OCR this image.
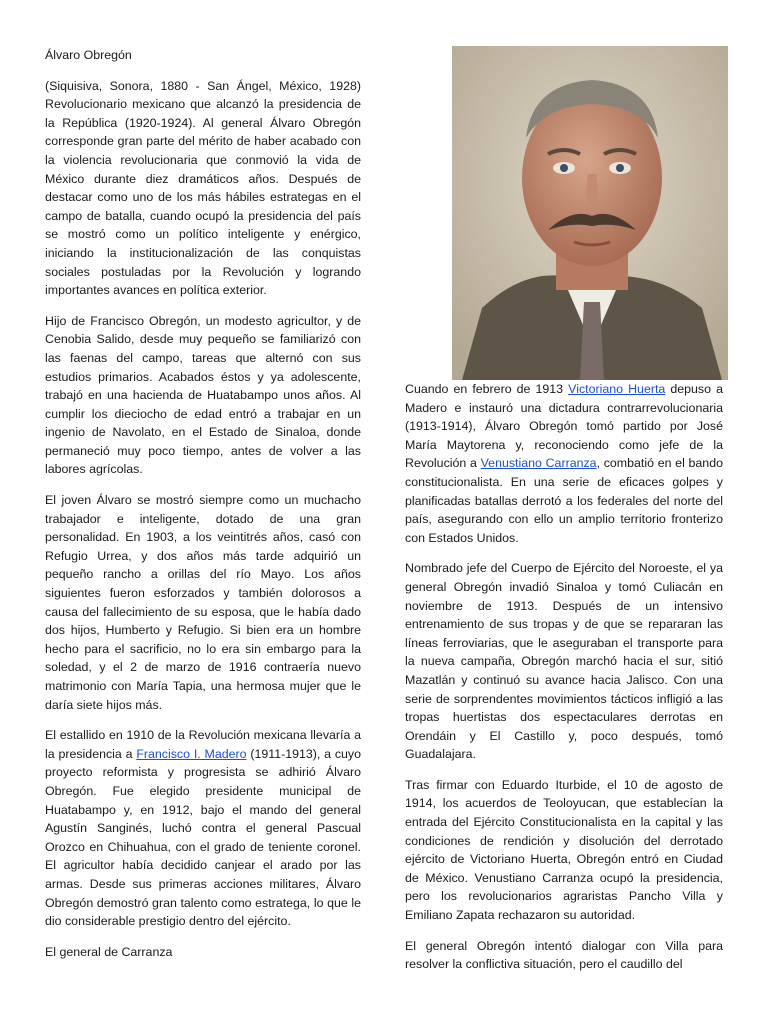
Álvaro Obregón

(Siquisiva, Sonora, 1880 - San Ángel, México, 1928) Revolucionario mexicano que alcanzó la presidencia de la República (1920-1924). Al general Álvaro Obregón corresponde gran parte del mérito de haber acabado con la violencia revolucionaria que conmovió la vida de México durante diez dramáticos años. Después de destacar como uno de los más hábiles estrategas en el campo de batalla, cuando ocupó la presidencia del país se mostró como un político inteligente y enérgico, iniciando la institucionalización de las conquistas sociales postuladas por la Revolución y logrando importantes avances en política exterior.

Hijo de Francisco Obregón, un modesto agricultor, y de Cenobia Salido, desde muy pequeño se familiarizó con las faenas del campo, tareas que alternó con sus estudios primarios. Acabados éstos y ya adolescente, trabajó en una hacienda de Huatabampo unos años. Al cumplir los dieciocho de edad entró a trabajar en un ingenio de Navolato, en el Estado de Sinaloa, donde permaneció muy poco tiempo, antes de volver a las labores agrícolas.

El joven Álvaro se mostró siempre como un muchacho trabajador e inteligente, dotado de una gran personalidad. En 1903, a los veintitrés años, casó con Refugio Urrea, y dos años más tarde adquirió un pequeño rancho a orillas del río Mayo. Los años siguientes fueron esforzados y también dolorosos a causa del fallecimiento de su esposa, que le había dado dos hijos, Humberto y Refugio. Si bien era un hombre hecho para el sacrificio, no lo era sin embargo para la soledad, y el 2 de marzo de 1916 contraería nuevo matrimonio con María Tapia, una hermosa mujer que le daría siete hijos más.

El estallido en 1910 de la Revolución mexicana llevaría a la presidencia a Francisco I. Madero (1911-1913), a cuyo proyecto reformista y progresista se adhirió Álvaro Obregón. Fue elegido presidente municipal de Huatabampo y, en 1912, bajo el mando del general Agustín Sanginés, luchó contra el general Pascual Orozco en Chihuahua, con el grado de teniente coronel. El agricultor había decidido canjear el arado por las armas. Desde sus primeras acciones militares, Álvaro Obregón demostró gran talento como estratega, lo que le dio considerable prestigio dentro del ejército.

El general de Carranza

Cuando en febrero de 1913 Victoriano Huerta depuso a Madero e instauró una dictadura contrarrevolucionaria (1913-1914), Álvaro Obregón tomó partido por José María Maytorena y, reconociendo como jefe de la Revolución a Venustiano Carranza, combatió en el bando constitucionalista. En una serie de eficaces golpes y planificadas batallas derrotó a los federales del norte del país, asegurando con ello un amplio territorio fronterizo con Estados Unidos.

Nombrado jefe del Cuerpo de Ejército del Noroeste, el ya general Obregón invadió Sinaloa y tomó Culiacán en noviembre de 1913. Después de un intensivo entrenamiento de sus tropas y de que se repararan las líneas ferroviarias, que le aseguraban el transporte para la nueva campaña, Obregón marchó hacia el sur, sitió Mazatlán y continuó su avance hacia Jalisco. Con una serie de sorprendentes movimientos tácticos infligió a las tropas huertistas dos espectaculares derrotas en Orendáin y El Castillo y, poco después, tomó Guadalajara.

Tras firmar con Eduardo Iturbide, el 10 de agosto de 1914, los acuerdos de Teoloyucan, que establecían la entrada del Ejército Constitucionalista en la capital y las condiciones de rendición y disolución del derrotado ejército de Victoriano Huerta, Obregón entró en Ciudad de México. Venustiano Carranza ocupó la presidencia, pero los revolucionarios agraristas Pancho Villa y Emiliano Zapata rechazaron su autoridad.

El general Obregón intentó dialogar con Villa para resolver la conflictiva situación, pero el caudillo del
